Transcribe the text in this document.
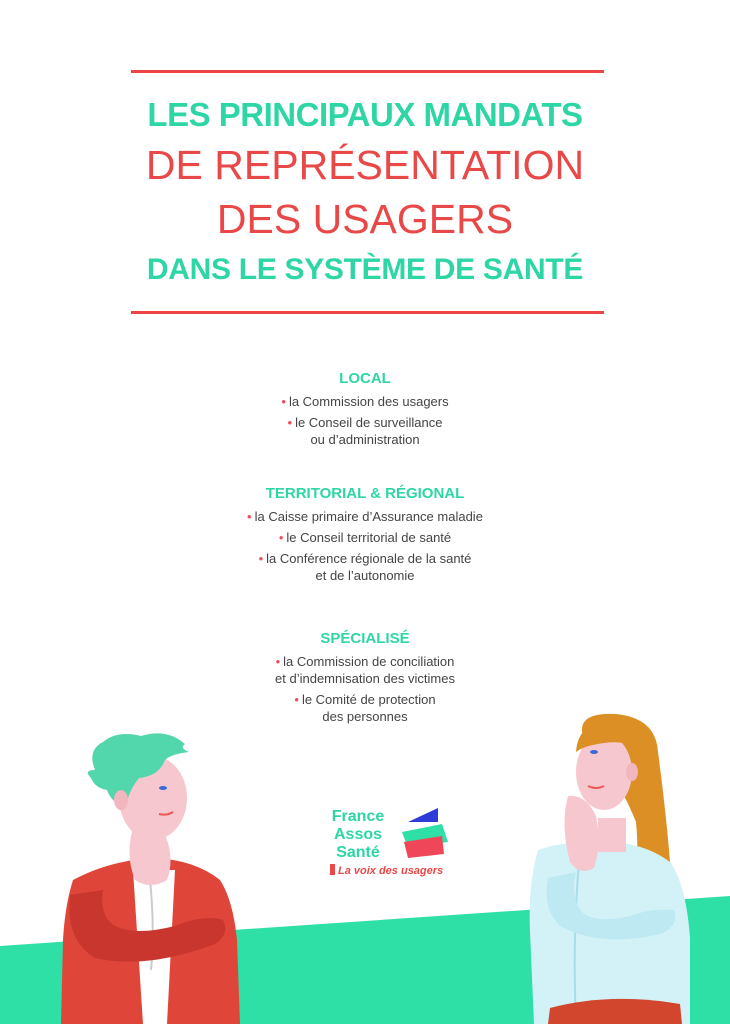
LES PRINCIPAUX MANDATS
DE REPRÉSENTATION
DES USAGERS
DANS LE SYSTÈME DE SANTÉ
LOCAL
• la Commission des usagers
• le Conseil de surveillance
ou d’administration
TERRITORIAL & RÉGIONAL
• la Caisse primaire d’Assurance maladie
• le Conseil territorial de santé
• la Conférence régionale de la santé
et de l’autonomie
SPÉCIALISÉ
• la Commission de conciliation
et d’indemnisation des victimes
• le Comité de protection
des personnes
France
Assos
Santé
La voix des usagers
